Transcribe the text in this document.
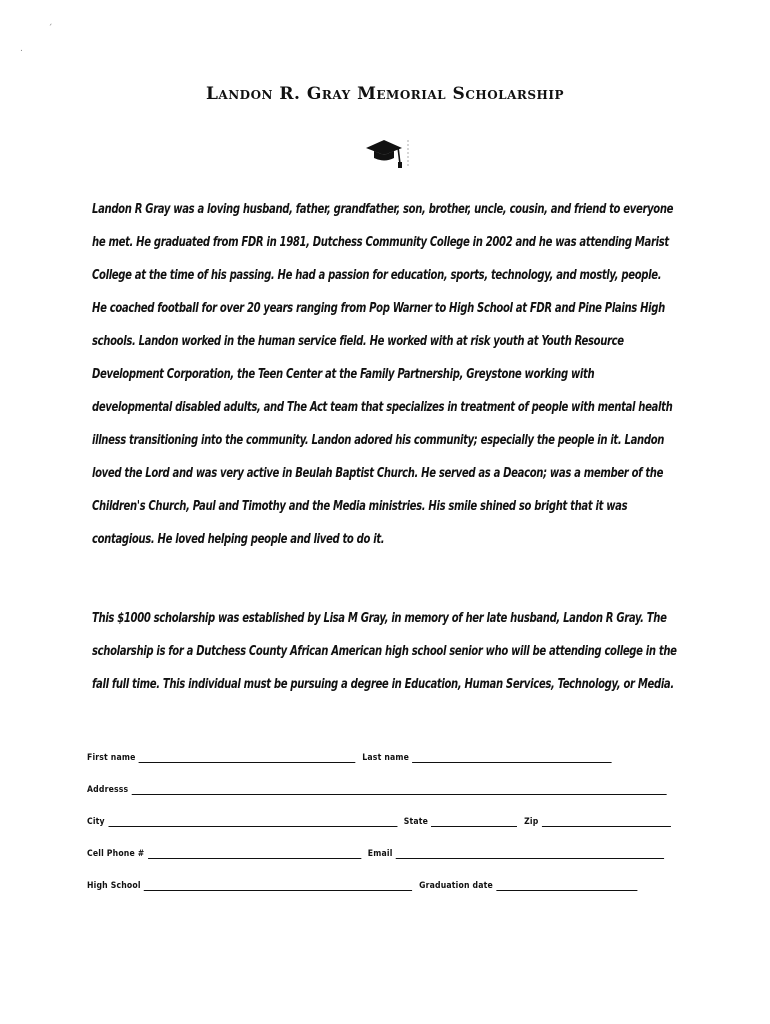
´
.
Landon R. Gray Memorial Scholarship

Landon R Gray was a loving husband, father, grandfather, son, brother, uncle, cousin, and friend to everyone he met. He graduated from FDR in 1981, Dutchess Community College in 2002 and he was attending Marist College at the time of his passing. He had a passion for education, sports, technology, and mostly, people. He coached football for over 20 years ranging from Pop Warner to High School at FDR and Pine Plains High schools. Landon worked in the human service field. He worked with at risk youth at Youth Resource Development Corporation, the Teen Center at the Family Partnership, Greystone working with developmental disabled adults, and The Act team that specializes in treatment of people with mental health illness transitioning into the community. Landon adored his community; especially the people in it. Landon loved the Lord and was very active in Beulah Baptist Church. He served as a Deacon; was a member of the Children's Church, Paul and Timothy and the Media ministries. His smile shined so bright that it was contagious. He loved helping people and lived to do it.

This $1000 scholarship was established by Lisa M Gray, in memory of her late husband, Landon R Gray. The scholarship is for a Dutchess County African American high school senior who will be attending college in the fall full time. This individual must be pursuing a degree in Education, Human Services, Technology, or Media.

First name	Last name
Addresss
City	State	Zip
Cell Phone #	Email
High School	Graduation date
